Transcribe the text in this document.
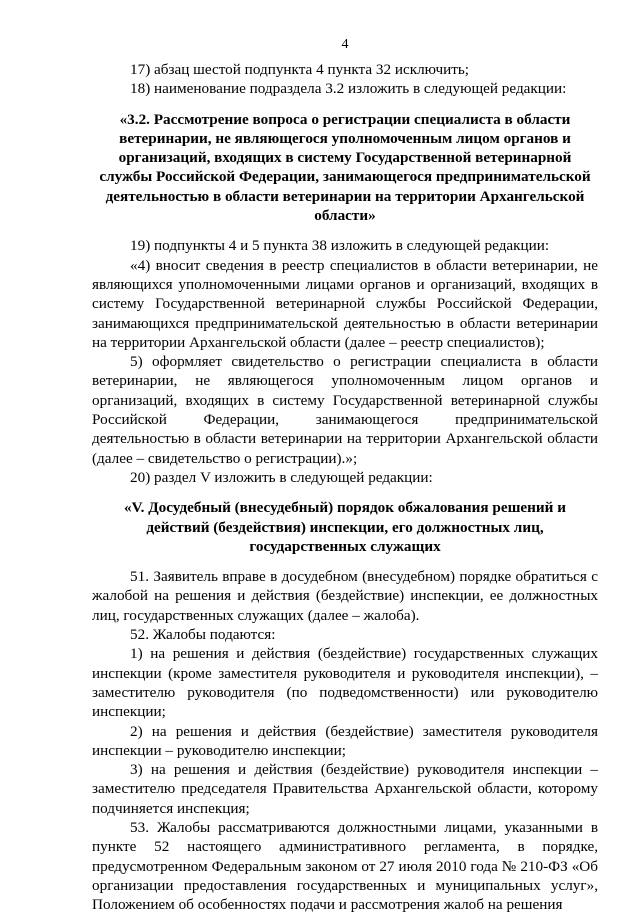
4

17) абзац шестой подпункта 4 пункта 32 исключить;

18) наименование подраздела 3.2 изложить в следующей редакции:

«3.2. Рассмотрение вопроса о регистрации специалиста в области ветеринарии, не являющегося уполномоченным лицом органов и организаций, входящих в систему Государственной ветеринарной службы Российской Федерации, занимающегося предпринимательской деятельностью в области ветеринарии на территории Архангельской области»

19) подпункты 4 и 5 пункта 38 изложить в следующей редакции:

«4) вносит сведения в реестр специалистов в области ветеринарии, не являющихся уполномоченными лицами органов и организаций, входящих в систему Государственной ветеринарной службы Российской Федерации, занимающихся предпринимательской деятельностью в области ветеринарии на территории Архангельской области (далее – реестр специалистов);

5) оформляет свидетельство о регистрации специалиста в области ветеринарии, не являющегося уполномоченным лицом органов и организаций, входящих в систему Государственной ветеринарной службы Российской Федерации, занимающегося предпринимательской деятельностью в области ветеринарии на территории Архангельской области (далее – свидетельство о регистрации).»;

20) раздел V изложить в следующей редакции:

«V. Досудебный (внесудебный) порядок обжалования решений и действий (бездействия) инспекции, его должностных лиц, государственных служащих

51. Заявитель вправе в досудебном (внесудебном) порядке обратиться с жалобой на решения и действия (бездействие) инспекции, ее должностных лиц, государственных служащих (далее – жалоба).

52. Жалобы подаются:

1) на решения и действия (бездействие) государственных служащих инспекции (кроме заместителя руководителя и руководителя инспекции), – заместителю руководителя (по подведомственности) или руководителю инспекции;

2) на решения и действия (бездействие) заместителя руководителя инспекции – руководителю инспекции;

3) на решения и действия (бездействие) руководителя инспекции – заместителю председателя Правительства Архангельской области, которому подчиняется инспекция;

53. Жалобы рассматриваются должностными лицами, указанными в пункте 52 настоящего административного регламента, в порядке, предусмотренном Федеральным законом от 27 июля 2010 года № 210-ФЗ «Об организации предоставления государственных и муниципальных услуг», Положением об особенностях подачи и рассмотрения жалоб на решения
